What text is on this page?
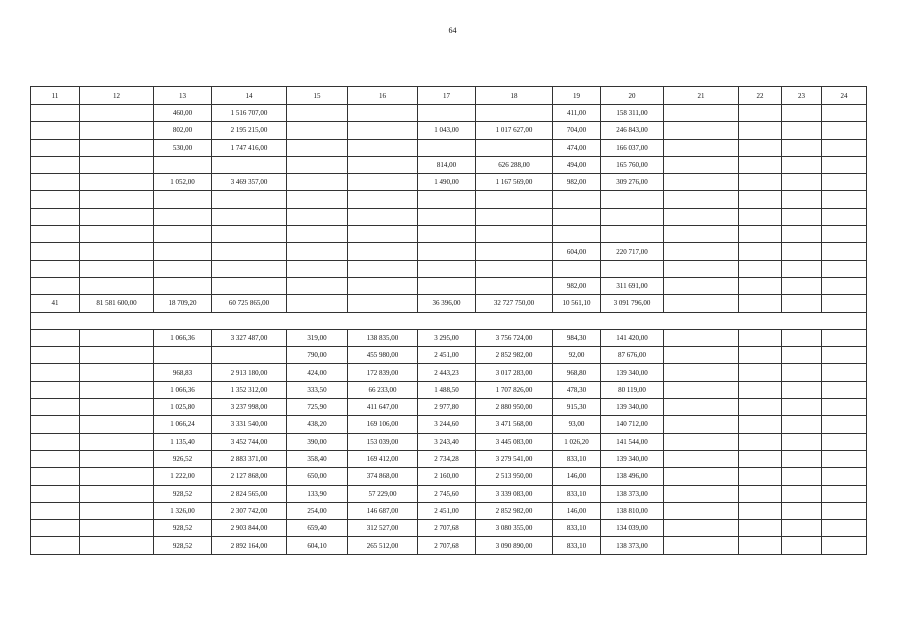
64
11	12	13	14	15	16	17	18	19	20	21	22	23	24
		460,00	1 516 707,00					411,00	158 311,00				
		802,00	2 195 215,00			1 043,00	1 017 627,00	704,00	246 843,00				
		530,00	1 747 416,00					474,00	166 037,00				
						814,00	626 288,00	494,00	165 760,00				
		1 052,00	3 469 357,00			1 490,00	1 167 569,00	982,00	309 276,00				

								604,00	220 717,00				

								982,00	311 691,00				
41	81 581 600,00	18 709,20	60 725 865,00			36 396,00	32 727 750,00	10 561,10	3 091 796,00				

		1 066,36	3 327 487,00	319,00	138 835,00	3 295,00	3 756 724,00	984,30	141 420,00				
				790,00	455 980,00	2 451,00	2 852 982,00	92,00	87 676,00				
		968,83	2 913 180,00	424,00	172 839,00	2 443,23	3 017 283,00	968,80	139 340,00				
		1 066,36	1 352 312,00	333,50	66 233,00	1 488,50	1 707 826,00	478,30	80 119,00				
		1 025,80	3 237 998,00	725,90	411 647,00	2 977,80	2 880 950,00	915,30	139 340,00				
		1 066,24	3 331 540,00	438,20	169 106,00	3 244,60	3 471 568,00	93,00	140 712,00				
		1 135,40	3 452 744,00	390,00	153 039,00	3 243,40	3 445 083,00	1 026,20	141 544,00				
		926,52	2 883 371,00	358,40	169 412,00	2 734,28	3 279 541,00	833,10	139 340,00				
		1 222,00	2 127 868,00	650,00	374 868,00	2 160,00	2 513 950,00	146,00	138 496,00				
		928,52	2 824 565,00	133,90	57 229,00	2 745,60	3 339 083,00	833,10	138 373,00				
		1 326,00	2 307 742,00	254,00	146 687,00	2 451,00	2 852 982,00	146,00	138 810,00				
		928,52	2 903 844,00	659,40	312 527,00	2 707,68	3 080 355,00	833,10	134 039,00				
		928,52	2 892 164,00	604,10	265 512,00	2 707,68	3 090 890,00	833,10	138 373,00				
